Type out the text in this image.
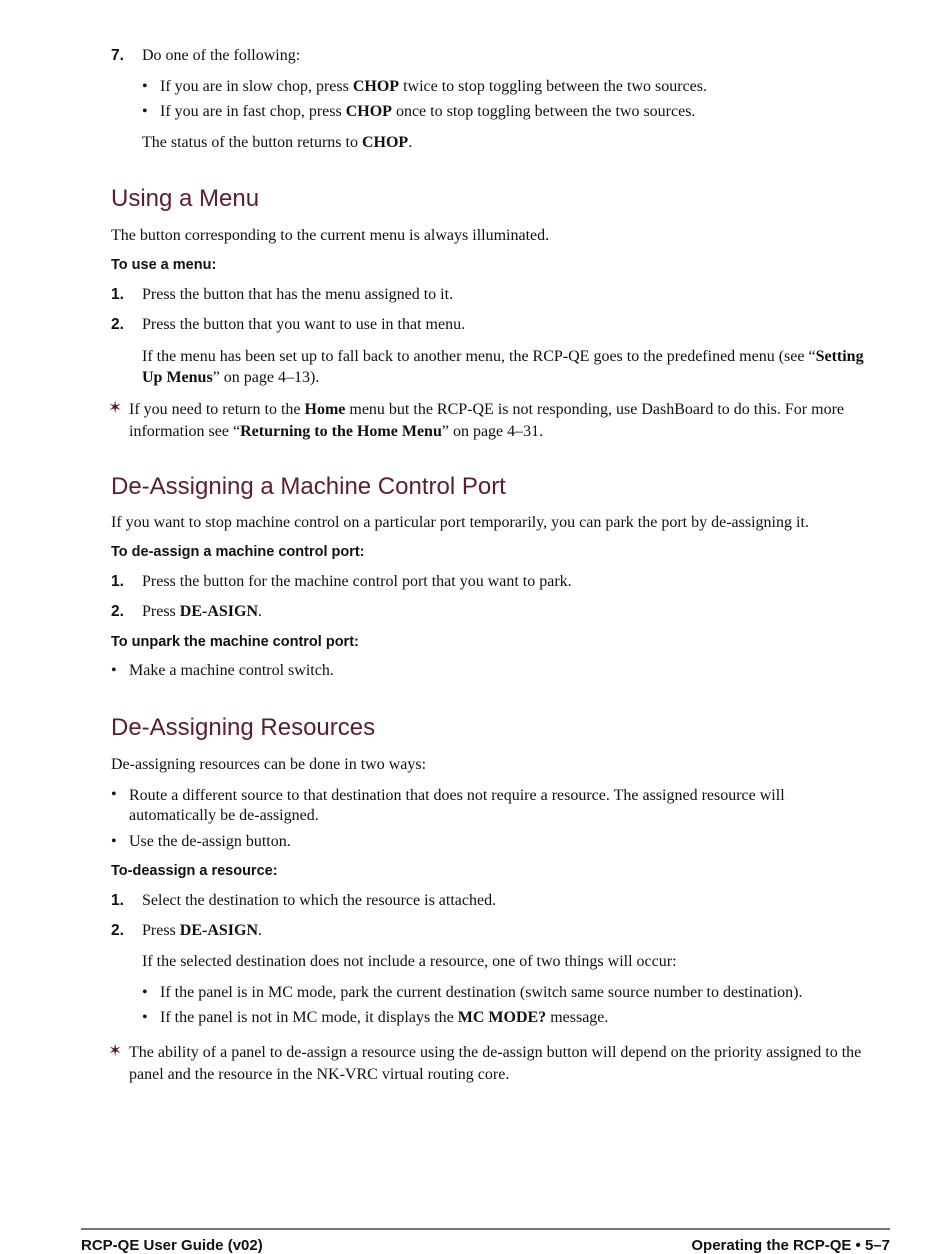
7. Do one of the following:
• If you are in slow chop, press CHOP twice to stop toggling between the two sources.
• If you are in fast chop, press CHOP once to stop toggling between the two sources.
The status of the button returns to CHOP.
Using a Menu
The button corresponding to the current menu is always illuminated.
To use a menu:
1. Press the button that has the menu assigned to it.
2. Press the button that you want to use in that menu.
If the menu has been set up to fall back to another menu, the RCP-QE goes to the predefined menu (see “Setting Up Menus” on page 4–13).
✶ If you need to return to the Home menu but the RCP-QE is not responding, use DashBoard to do this. For more information see “Returning to the Home Menu” on page 4–31.
De-Assigning a Machine Control Port
If you want to stop machine control on a particular port temporarily, you can park the port by de-assigning it.
To de-assign a machine control port:
1. Press the button for the machine control port that you want to park.
2. Press DE-ASIGN.
To unpark the machine control port:
• Make a machine control switch.
De-Assigning Resources
De-assigning resources can be done in two ways:
• Route a different source to that destination that does not require a resource. The assigned resource will automatically be de-assigned.
• Use the de-assign button.
To-deassign a resource:
1. Select the destination to which the resource is attached.
2. Press DE-ASIGN.
If the selected destination does not include a resource, one of two things will occur:
• If the panel is in MC mode, park the current destination (switch same source number to destination).
• If the panel is not in MC mode, it displays the MC MODE? message.
✶ The ability of a panel to de-assign a resource using the de-assign button will depend on the priority assigned to the panel and the resource in the NK-VRC virtual routing core.
RCP-QE User Guide (v02)	Operating the RCP-QE • 5–7
